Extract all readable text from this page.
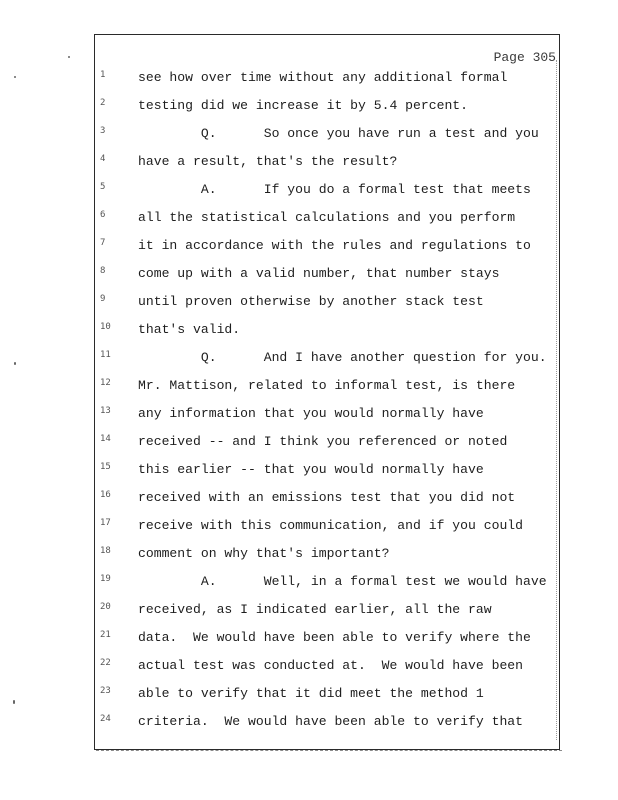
Page 305
1	see how over time without any additional formal
2	testing did we increase it by 5.4 percent.
3	Q.      So once you have run a test and you
4	have a result, that's the result?
5	A.      If you do a formal test that meets
6	all the statistical calculations and you perform
7	it in accordance with the rules and regulations to
8	come up with a valid number, that number stays
9	until proven otherwise by another stack test
10	that's valid.
11	Q.      And I have another question for you.
12	Mr. Mattison, related to informal test, is there
13	any information that you would normally have
14	received -- and I think you referenced or noted
15	this earlier -- that you would normally have
16	received with an emissions test that you did not
17	receive with this communication, and if you could
18	comment on why that's important?
19	A.      Well, in a formal test we would have
20	received, as I indicated earlier, all the raw
21	data.  We would have been able to verify where the
22	actual test was conducted at.  We would have been
23	able to verify that it did meet the method 1
24	criteria.  We would have been able to verify that
